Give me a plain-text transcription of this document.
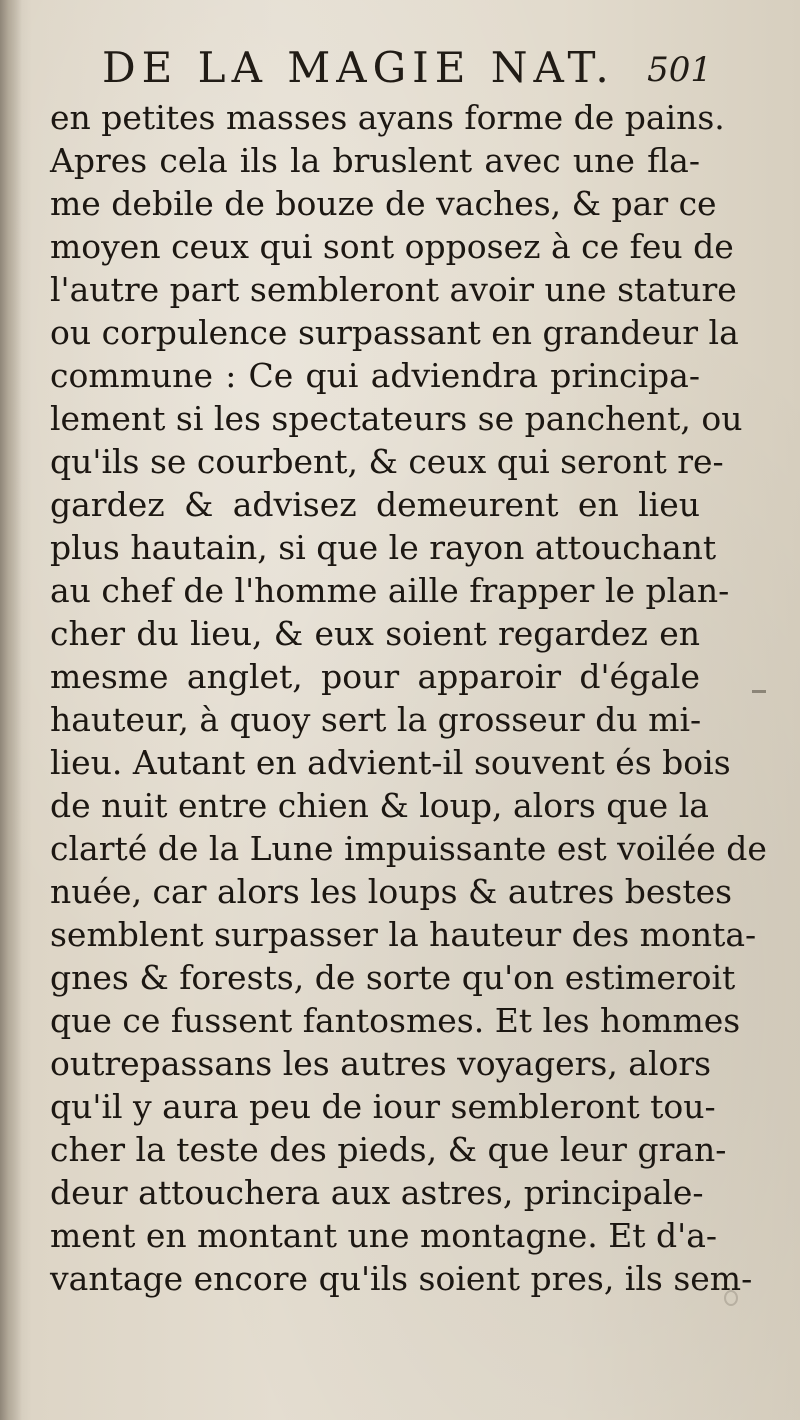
DE LA MAGIE NAT. 501
en petites masses ayans forme de pains.
Apres cela ils la bruslent avec une fla-
me debile de bouze de vaches, & par ce
moyen ceux qui sont opposez à ce feu de
l'autre part sembleront avoir une stature
ou corpulence surpassant en grandeur la
commune : Ce qui adviendra principa-
lement si les spectateurs se panchent, ou
qu'ils se courbent, & ceux qui seront re-
gardez & advisez demeurent en lieu
plus hautain, si que le rayon attouchant
au chef de l'homme aille frapper le plan-
cher du lieu, & eux soient regardez en
mesme anglet, pour apparoir d'égale
hauteur, à quoy sert la grosseur du mi-
lieu. Autant en advient-il souvent és bois
de nuit entre chien & loup, alors que la
clarté de la Lune impuissante est voilée de
nuée, car alors les loups & autres bestes
semblent surpasser la hauteur des monta-
gnes & forests, de sorte qu'on estimeroit
que ce fussent fantosmes. Et les hommes
outrepassans les autres voyagers, alors
qu'il y aura peu de iour sembleront tou-
cher la teste des pieds, & que leur gran-
deur attouchera aux astres, principale-
ment en montant une montagne. Et d'a-
vantage encore qu'ils soient pres, ils sem-
